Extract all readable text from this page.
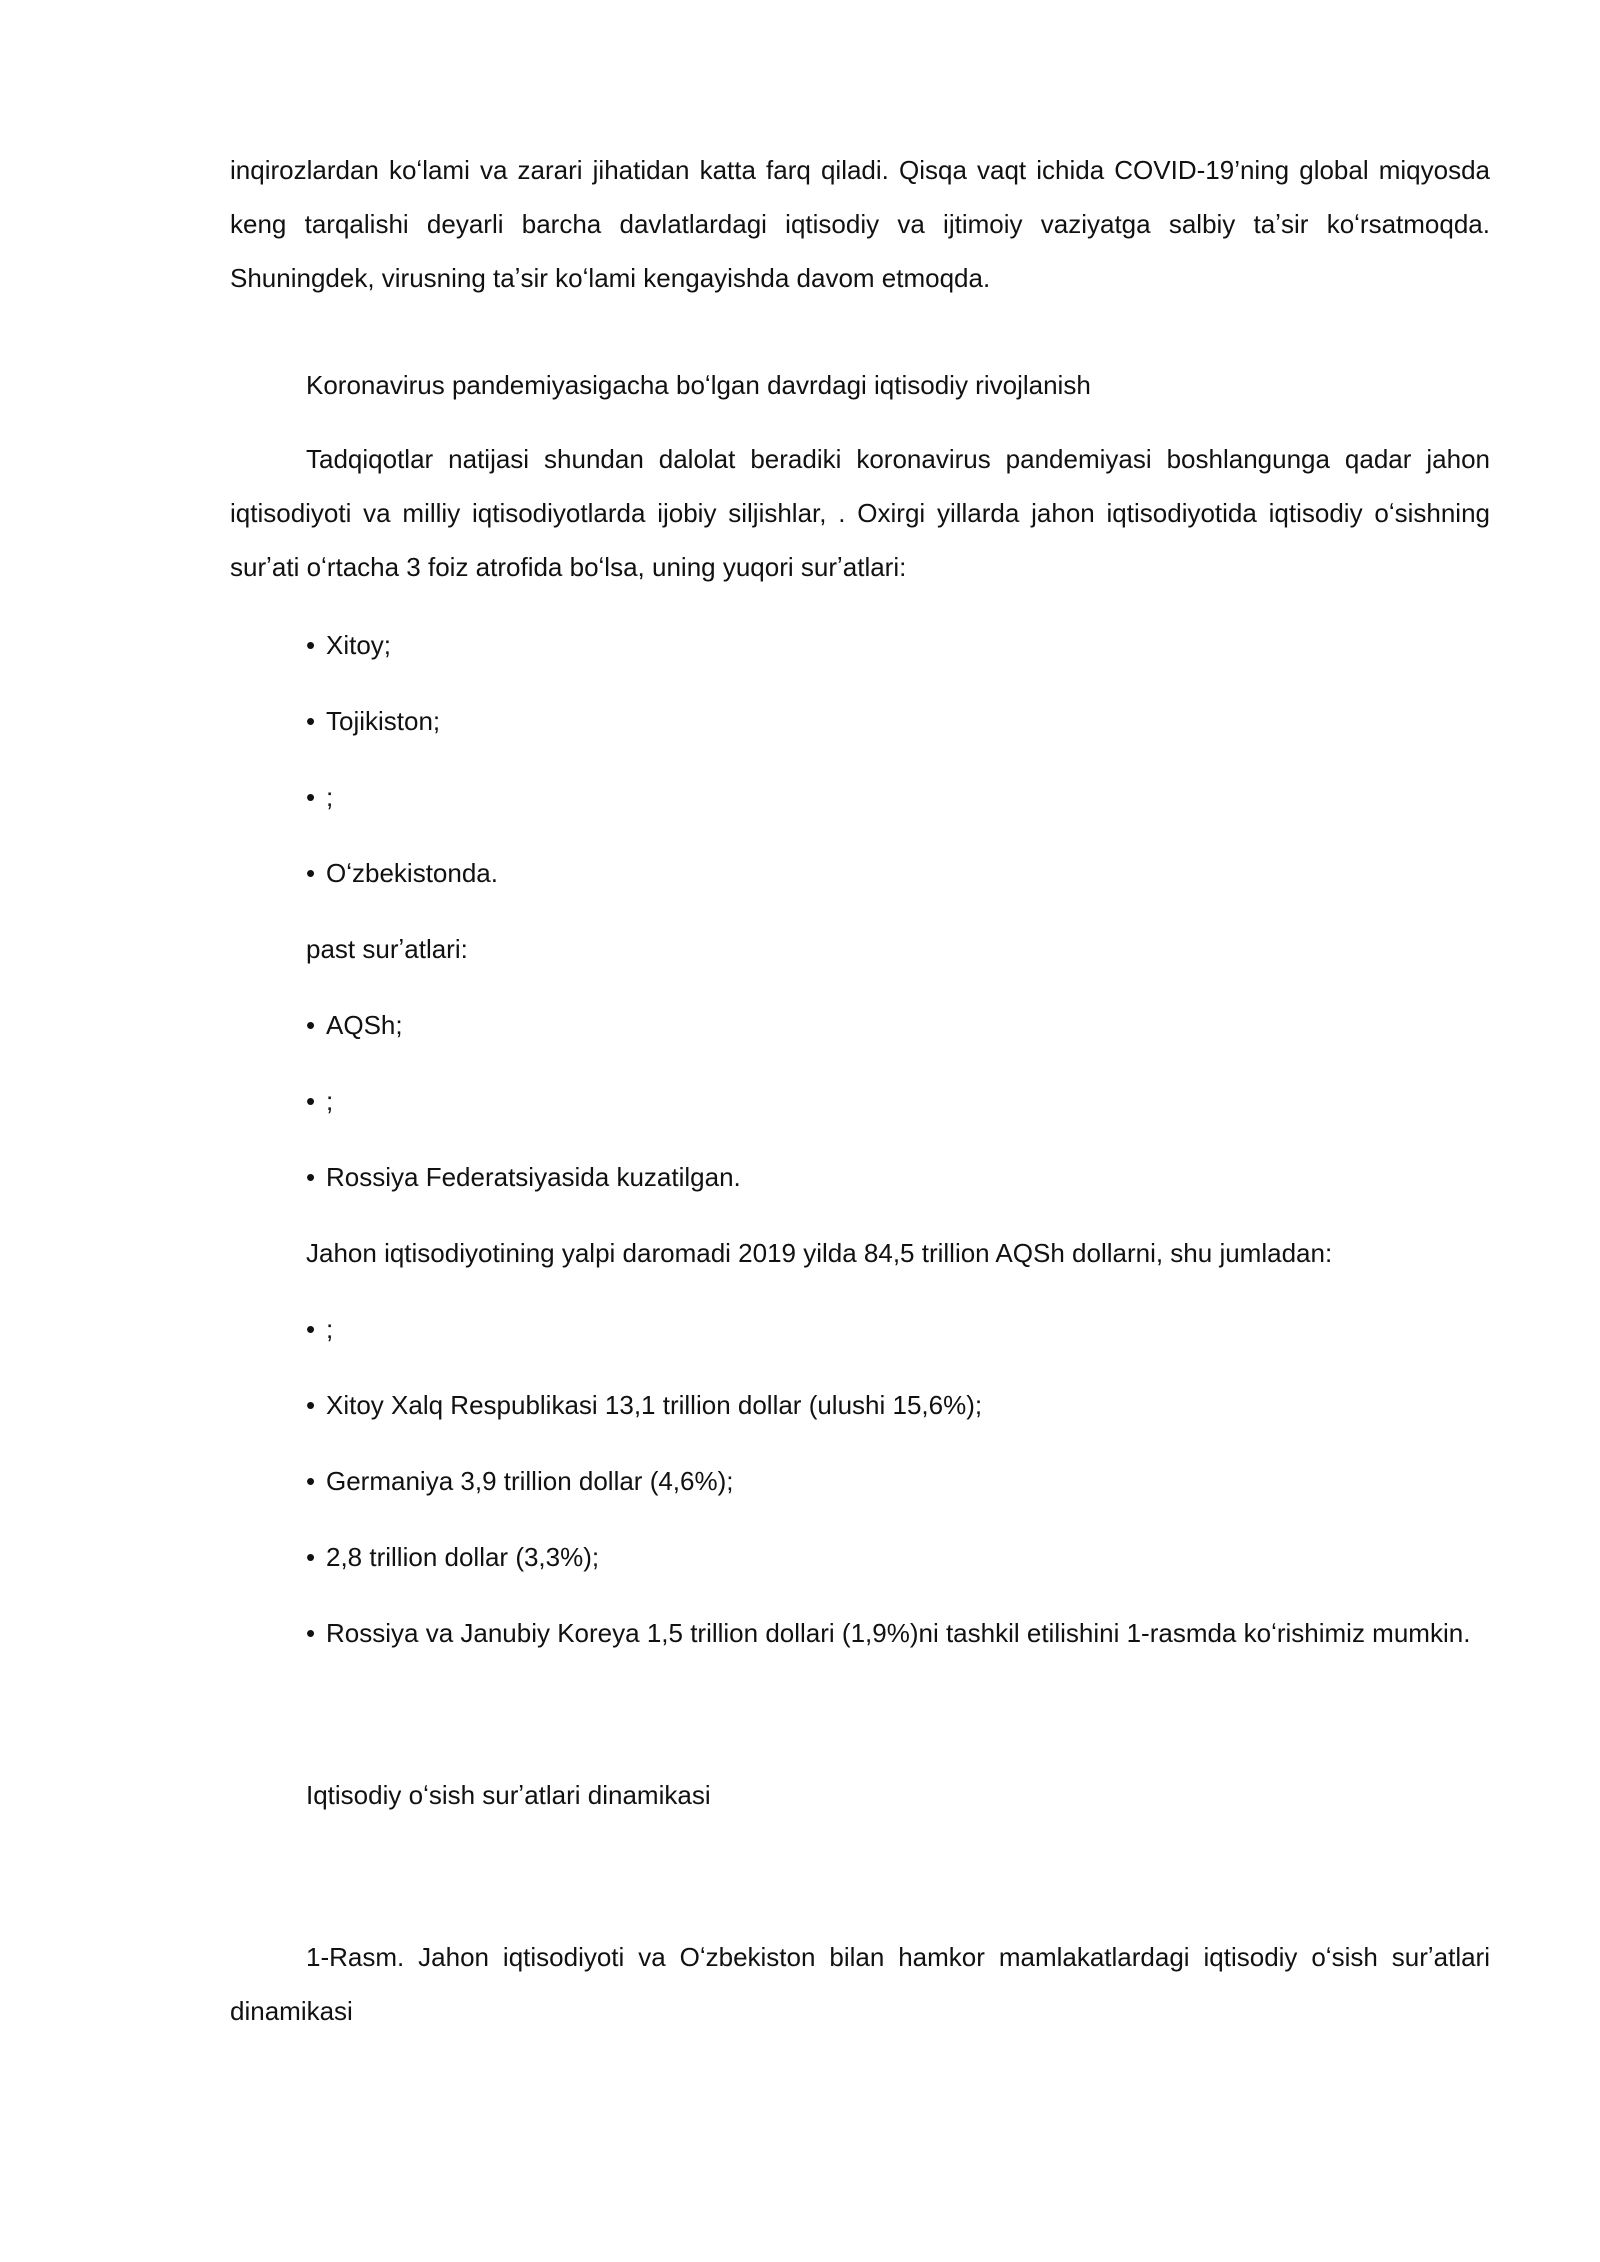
inqirozlardan koʻlami va zarari jihatidan katta farq qiladi. Qisqa vaqt ichida COVID-19’ning global miqyosda keng tarqalishi deyarli barcha davlatlardagi iqtisodiy va ijtimoiy vaziyatga salbiy taʼsir koʻrsatmoqda. Shuningdek, virusning taʼsir koʻlami kengayishda davom etmoqda.

Koronavirus pandemiyasigacha boʻlgan davrdagi iqtisodiy rivojlanish

Tadqiqotlar natijasi shundan dalolat beradiki koronavirus pandemiyasi boshlangunga qadar jahon iqtisodiyoti va milliy iqtisodiyotlarda ijobiy siljishlar, . Oxirgi yillarda jahon iqtisodiyotida iqtisodiy oʻsishning surʼati oʻrtacha 3 foiz atrofida boʻlsa, uning yuqori surʼatlari:

• Xitoy;

• Tojikiston;

• ;

• Oʻzbekistonda.

past surʼatlari:

• AQSh;

• ;

• Rossiya Federatsiyasida kuzatilgan.

Jahon iqtisodiyotining yalpi daromadi 2019 yilda 84,5 trillion AQSh dollarni, shu jumladan:

• ;

• Xitoy Xalq Respublikasi 13,1 trillion dollar (ulushi 15,6%);

• Germaniya 3,9 trillion dollar (4,6%);

• 2,8 trillion dollar (3,3%);

• Rossiya va Janubiy Koreya 1,5 trillion dollari (1,9%)ni tashkil etilishini 1-rasmda koʻrishimiz mumkin.

Iqtisodiy oʻsish surʼatlari dinamikasi

1-Rasm. Jahon iqtisodiyoti va Oʻzbekiston bilan hamkor mamlakatlardagi iqtisodiy oʻsish surʼatlari dinamikasi
